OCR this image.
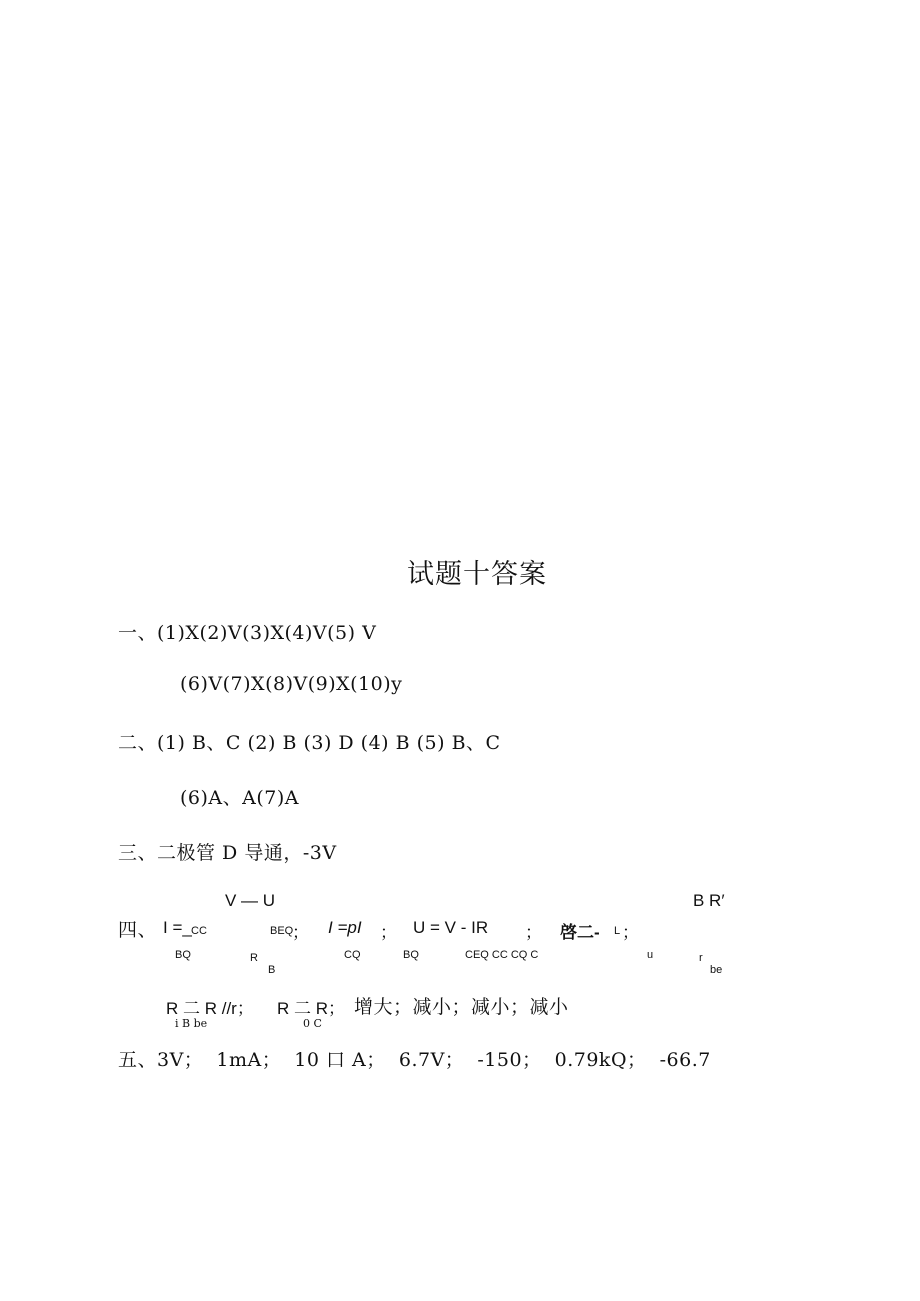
试题十答案
一、(1)X(2)V(3)X(4)V(5) V
(6)V(7)X(8)V(9)X(10)y
二、(1) B、C (2) B (3) D (4) B (5) B、C
(6)A、A(7)A
三、二极管 D 导通，-3V
V — U	B R′
四、 I =_ CC	BEQ
； I =pI ； U = V - IR ； 啓二- L ；
BQ	R
B
CQ	BQ	CEQ CC CQ C	u	r
be
R 二 R //r；
i B be
R 二 R；
0 C
增大；减小；减小；减小
五、3V；  1mA；  10 口 A；  6.7V；  -150；  0.79kQ；  -66.7
